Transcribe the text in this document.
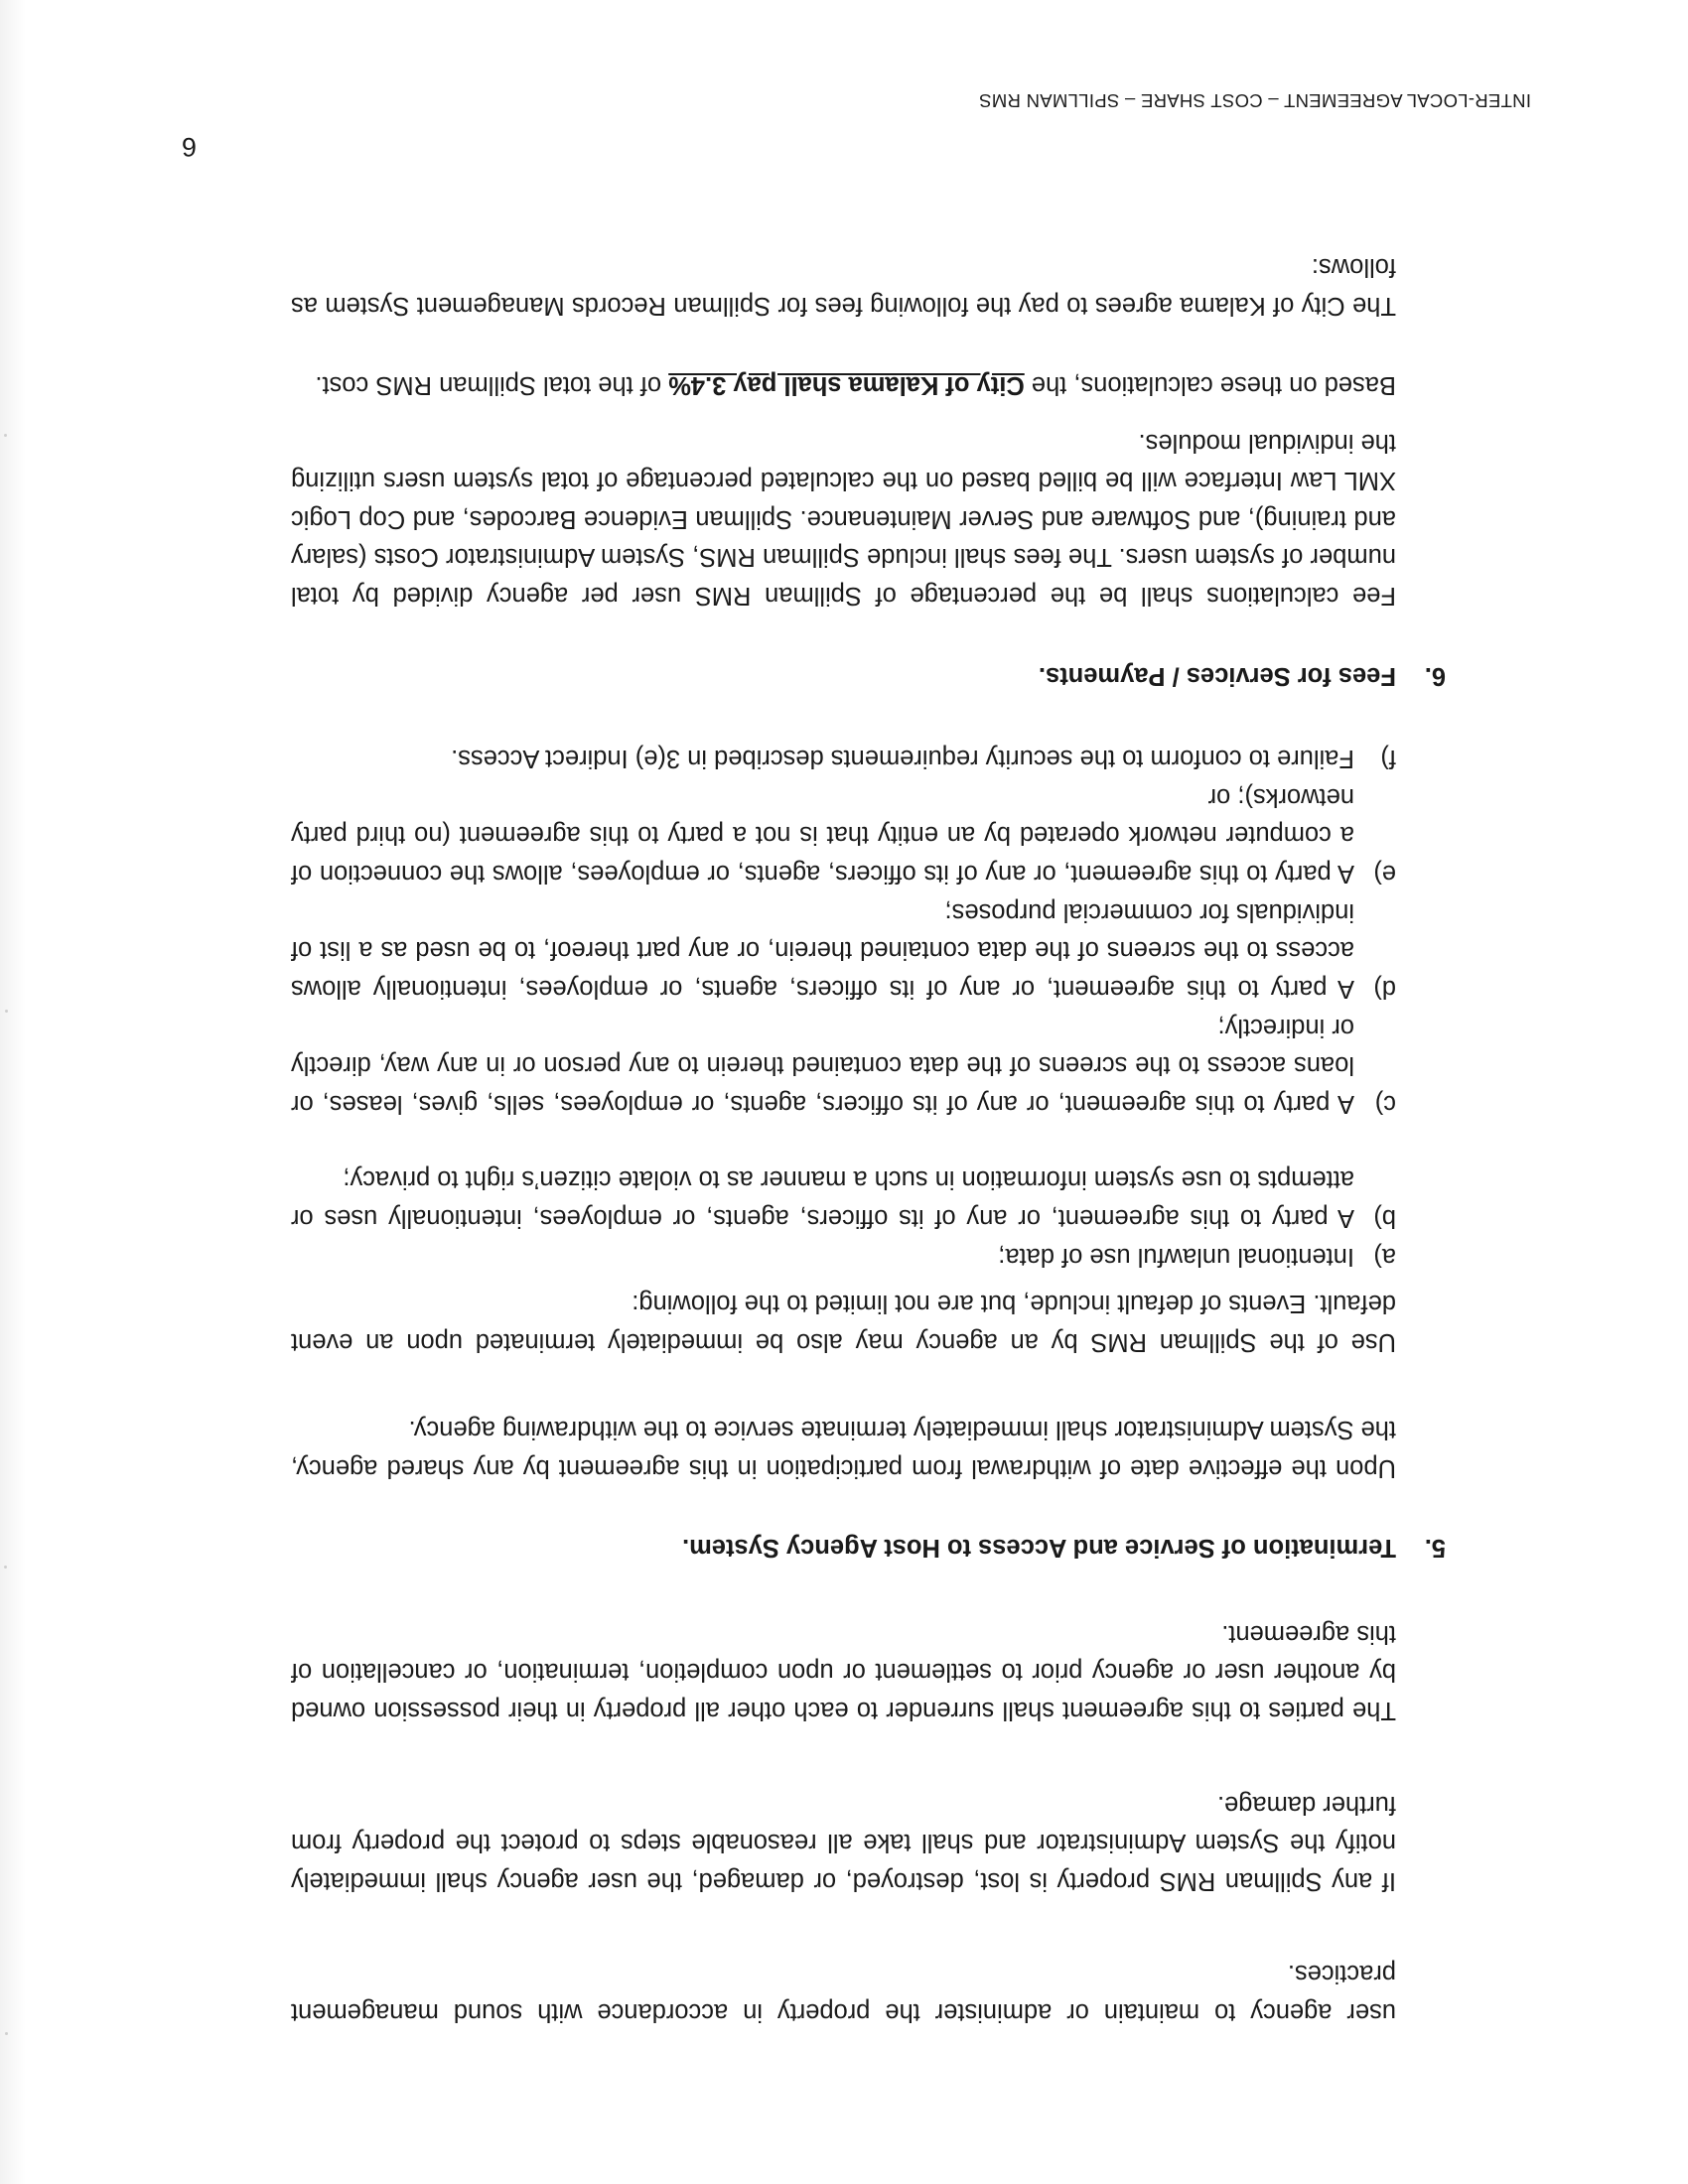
INTER-LOCAL AGREEMENT – COST SHARE – SPILLMAN RMS
6

user agency to maintain or administer the property in accordance with sound management practices.

If any Spillman RMS property is lost, destroyed, or damaged, the user agency shall immediately notify the System Administrator and shall take all reasonable steps to protect the property from further damage.

The parties to this agreement shall surrender to each other all property in their possession owned by another user or agency prior to settlement or upon completion, termination, or cancellation of this agreement.

5.Termination of Service and Access to Host Agency System.

Upon the effective date of withdrawal from participation in this agreement by any shared agency, the System Administrator shall immediately terminate service to the withdrawing agency.

Use of the Spillman RMS by an agency may also be immediately terminated upon an event default. Events of default include, but are not limited to the following:

a)
Intentional unlawful use of data;
b)
A party to this agreement, or any of its officers, agents, or employees, intentionally uses or attempts to use system information in such a manner as to violate citizen’s right to privacy;
c)
A party to this agreement, or any of its officers, agents, or employees, sells, gives, leases, or loans access to the screens of the data contained therein to any person or in any way, directly or indirectly;
d)
A party to this agreement, or any of its officers, agents, or employees, intentionally allows access to the screens of the data contained therein, or any part thereof, to be used as a list of individuals for commercial purposes;
e)
A party to this agreement, or any of its officers, agents, or employees, allows the connection of a computer network operated by an entity that is not a party to this agreement (no third party networks); or
f)
Failure to conform to the security requirements described in 3(e) Indirect Access.
6.Fees for Services / Payments.

Fee calculations shall be the percentage of Spillman RMS user per agency divided by total number of system users. The fees shall include Spillman RMS, System Administrator Costs (salary and training), and Software and Server Maintenance. Spillman Evidence Barcodes, and Cop Logic XML Law Interface will be billed based on the calculated percentage of total system users utilizing the individual modules.

Based on these calculations, the City of Kalama shall pay 3.4% of the total Spillman RMS cost.

The City of Kalama agrees to pay the following fees for Spillman Records Management System as follows:
